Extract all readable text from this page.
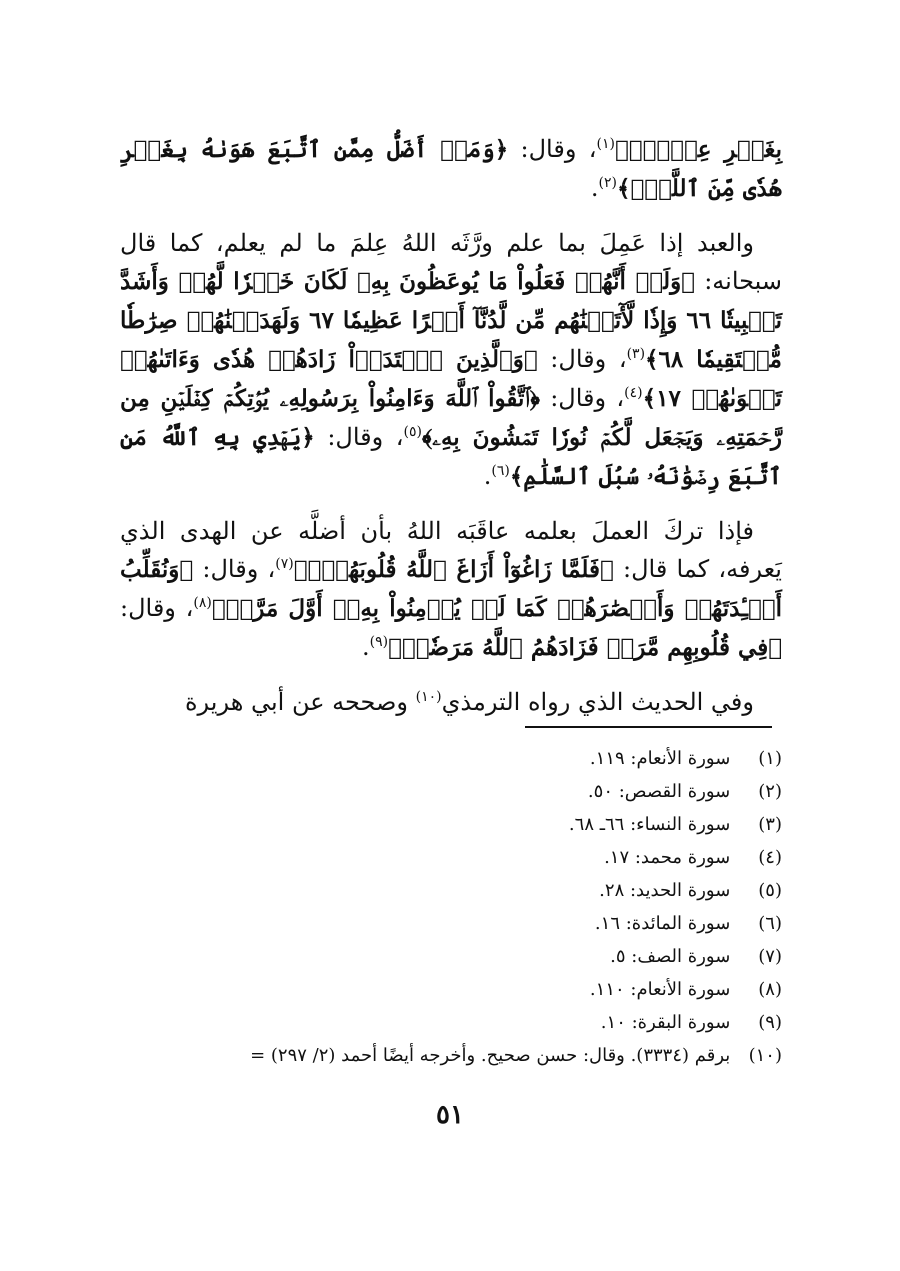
بِغَيۡرِ عِلۡمٍۚ﴾$^{(١)}$، وقال: ﴿وَمَنۡ أَضَلُّ مِمَّنِ ٱتَّبَعَ هَوَىٰهُ بِغَيۡرِ هُدٗى مِّنَ ٱللَّهِۚ﴾$^{(٢)}$.
والعبد إذا عَمِلَ بما علم ورَّثَه اللهُ عِلمَ ما لم يعلم، كما قال سبحانه: ﴿وَلَوۡ أَنَّهُمۡ فَعَلُواْ مَا يُوعَظُونَ بِهِۦ لَكَانَ خَيۡرٗا لَّهُمۡ وَأَشَدَّ تَثۡبِيتٗا ٦٦ وَإِذٗا لَّأٓتَيۡنَٰهُم مِّن لَّدُنَّآ أَجۡرًا عَظِيمٗا ٦٧ وَلَهَدَيۡنَٰهُمۡ صِرَٰطٗا مُّسۡتَقِيمٗا ٦٨﴾$^{(٣)}$، وقال: ﴿وَٱلَّذِينَ ٱهۡتَدَوۡاْ زَادَهُمۡ هُدٗى وَءَاتَىٰهُمۡ تَقۡوَىٰهُمۡ ١٧﴾$^{(٤)}$، وقال: ﴿ٱتَّقُواْ ٱللَّهَ وَءَامِنُواْ بِرَسُولِهِۦ يُؤۡتِكُمۡ كِفۡلَيۡنِ مِن رَّحۡمَتِهِۦ وَيَجۡعَل لَّكُمۡ نُورٗا تَمۡشُونَ بِهِۦ﴾$^{(٥)}$، وقال: ﴿يَهۡدِي بِهِ ٱللَّهُ مَنِ ٱتَّبَعَ رِضۡوَٰنَهُۥ سُبُلَ ٱلسَّلَٰمِ﴾$^{(٦)}$.
فإذا تركَ العملَ بعلمه عاقَبَه اللهُ بأن أضلَّه عن الهدى الذي يَعرفه، كما قال: ﴿فَلَمَّا زَاغُوٓاْ أَزَاغَ ٱللَّهُ قُلُوبَهُمۡۚ﴾$^{(٧)}$، وقال: ﴿وَنُقَلِّبُ أَفۡـِٔدَتَهُمۡ وَأَبۡصَٰرَهُمۡ كَمَا لَمۡ يُؤۡمِنُواْ بِهِۦٓ أَوَّلَ مَرَّةٖ﴾$^{(٨)}$، وقال: ﴿فِي قُلُوبِهِم مَّرَضٞ فَزَادَهُمُ ٱللَّهُ مَرَضٗاۖ﴾$^{(٩)}$.
وفي الحديث الذي رواه الترمذي$^{(١٠)}$ وصححه عن أبي هريرة
(١) سورة الأنعام: ١١٩.
(٢) سورة القصص: ٥٠.
(٣) سورة النساء: ٦٦ـ ٦٨.
(٤) سورة محمد: ١٧.
(٥) سورة الحديد: ٢٨.
(٦) سورة المائدة: ١٦.
(٧) سورة الصف: ٥.
(٨) سورة الأنعام: ١١٠.
(٩) سورة البقرة: ١٠.
(١٠) برقم (٣٣٣٤). وقال: حسن صحيح. وأخرجه أيضًا أحمد (٢/ ٢٩٧) =
٥١
